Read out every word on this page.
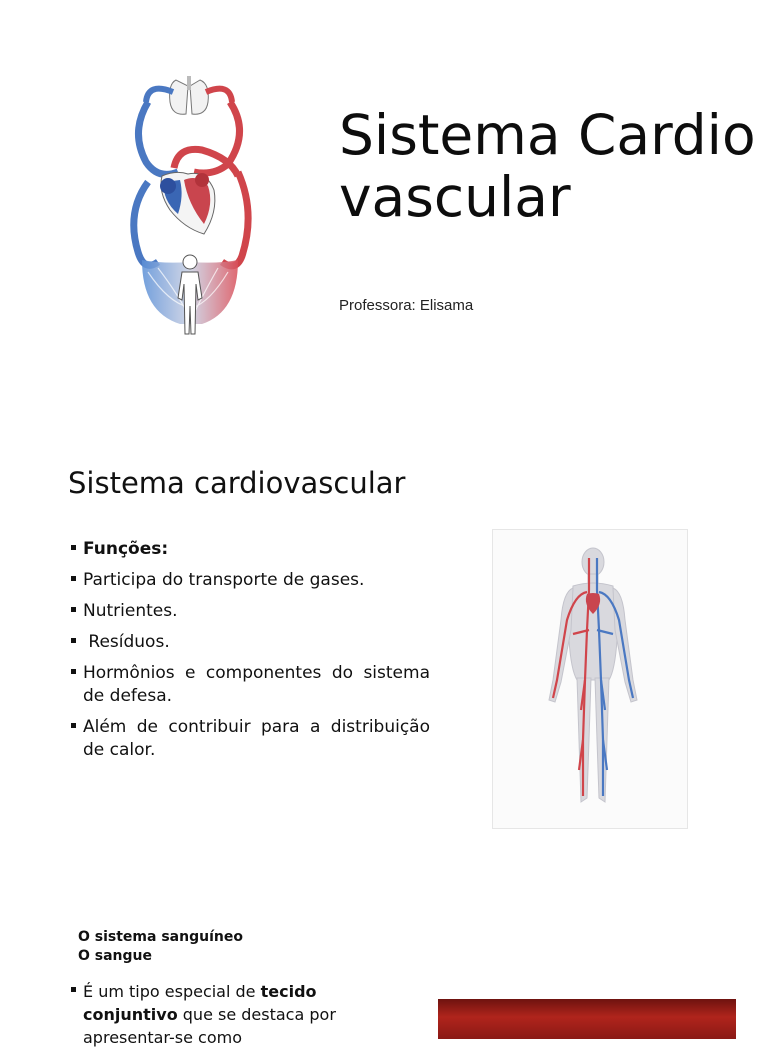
Sistema Cardiovascular
Professora: Elisama
Sistema cardiovascular
Funções:
Participa do transporte de gases.
Nutrientes.
Resíduos.
Hormônios e componentes do sistema de defesa.
Além de contribuir para a distribuição de calor.
O sistema sanguíneo
O sangue
É um tipo especial de tecido conjuntivo que se destaca por apresentar-se como
